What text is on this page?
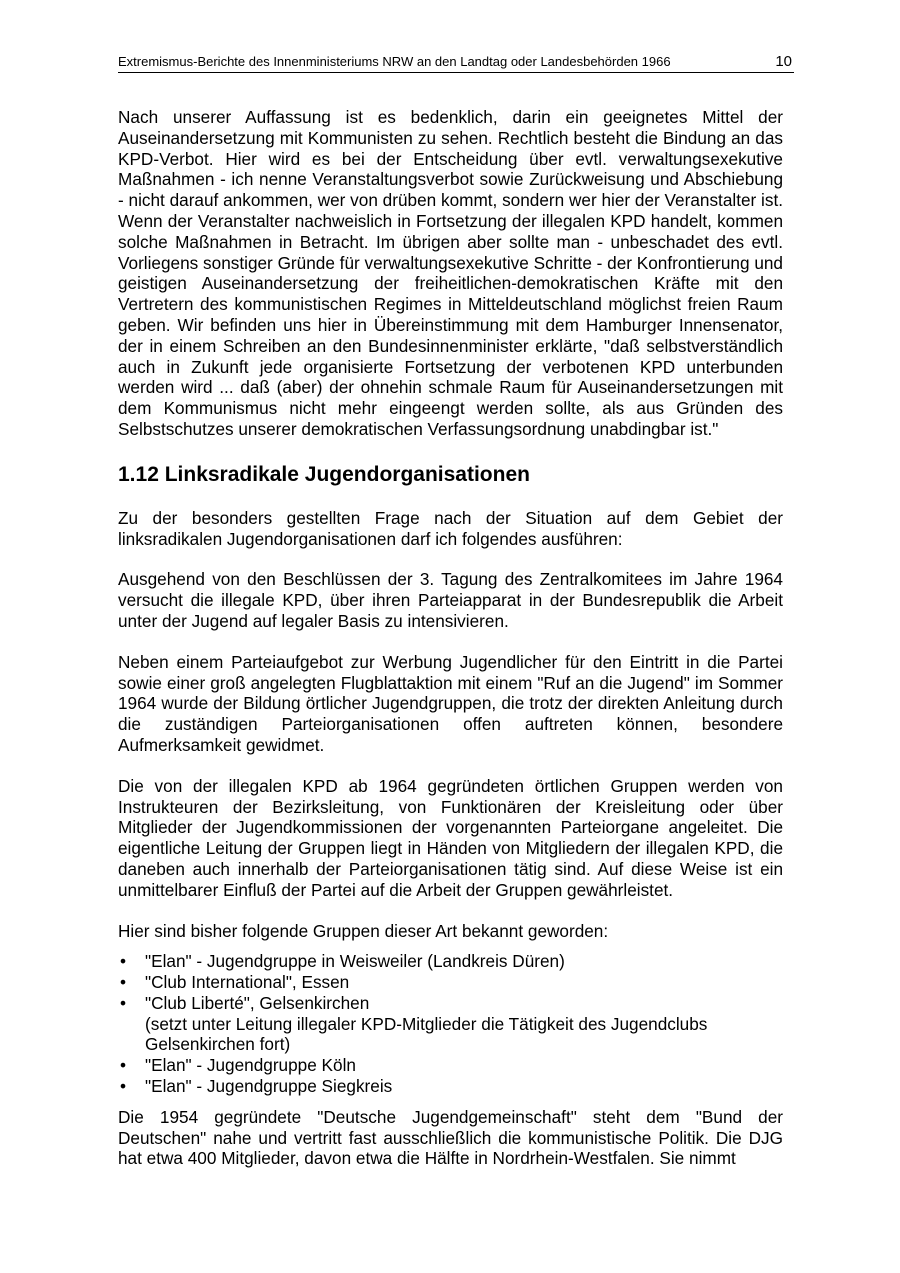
Extremismus-Berichte des Innenministeriums NRW an den Landtag oder Landesbehörden 1966	10

Nach unserer Auffassung ist es bedenklich, darin ein geeignetes Mittel der Auseinandersetzung mit Kommunisten zu sehen. Rechtlich besteht die Bindung an das KPD-Verbot. Hier wird es bei der Entscheidung über evtl. verwaltungsexekutive Maßnahmen - ich nenne Veranstaltungsverbot sowie Zurückweisung und Abschiebung - nicht darauf ankommen, wer von drüben kommt, sondern wer hier der Veranstalter ist. Wenn der Veranstalter nachweislich in Fortsetzung der illegalen KPD handelt, kommen solche Maßnahmen in Betracht. Im übrigen aber sollte man - unbeschadet des evtl. Vorliegens sonstiger Gründe für verwaltungsexekutive Schritte - der Konfrontierung und geistigen Auseinandersetzung der freiheitlichen-demokratischen Kräfte mit den Vertretern des kommunistischen Regimes in Mitteldeutschland möglichst freien Raum geben. Wir befinden uns hier in Übereinstimmung mit dem Hamburger Innensenator, der in einem Schreiben an den Bundesinnenminister erklärte, "daß selbstverständlich auch in Zukunft jede organisierte Fortsetzung der verbotenen KPD unterbunden werden wird ... daß (aber) der ohnehin schmale Raum für Auseinandersetzungen mit dem Kommunismus nicht mehr eingeengt werden sollte, als aus Gründen des Selbstschutzes unserer demokratischen Verfassungsordnung unabdingbar ist."

1.12 Linksradikale Jugendorganisationen

Zu der besonders gestellten Frage nach der Situation auf dem Gebiet der linksradikalen Jugendorganisationen darf ich folgendes ausführen:

Ausgehend von den Beschlüssen der 3. Tagung des Zentralkomitees im Jahre 1964 versucht die illegale KPD, über ihren Parteiapparat in der Bundesrepublik die Arbeit unter der Jugend auf legaler Basis zu intensivieren.

Neben einem Parteiaufgebot zur Werbung Jugendlicher für den Eintritt in die Partei sowie einer groß angelegten Flugblattaktion mit einem "Ruf an die Jugend" im Sommer 1964 wurde der Bildung örtlicher Jugendgruppen, die trotz der direkten Anleitung durch die zuständigen Parteiorganisationen offen auftreten können, besondere Aufmerksamkeit gewidmet.

Die von der illegalen KPD ab 1964 gegründeten örtlichen Gruppen werden von Instrukteuren der Bezirksleitung, von Funktionären der Kreisleitung oder über Mitglieder der Jugendkommissionen der vorgenannten Parteiorgane angeleitet. Die eigentliche Leitung der Gruppen liegt in Händen von Mitgliedern der illegalen KPD, die daneben auch innerhalb der Parteiorganisationen tätig sind. Auf diese Weise ist ein unmittelbarer Einfluß der Partei auf die Arbeit der Gruppen gewährleistet.

Hier sind bisher folgende Gruppen dieser Art bekannt geworden:

• "Elan" - Jugendgruppe in Weisweiler (Landkreis Düren)
• "Club International", Essen
• "Club Liberté", Gelsenkirchen
(setzt unter Leitung illegaler KPD-Mitglieder die Tätigkeit des Jugendclubs Gelsenkirchen fort)
• "Elan" - Jugendgruppe Köln
• "Elan" - Jugendgruppe Siegkreis

Die 1954 gegründete "Deutsche Jugendgemeinschaft" steht dem "Bund der Deutschen" nahe und vertritt fast ausschließlich die kommunistische Politik. Die DJG hat etwa 400 Mitglieder, davon etwa die Hälfte in Nordrhein-Westfalen. Sie nimmt
